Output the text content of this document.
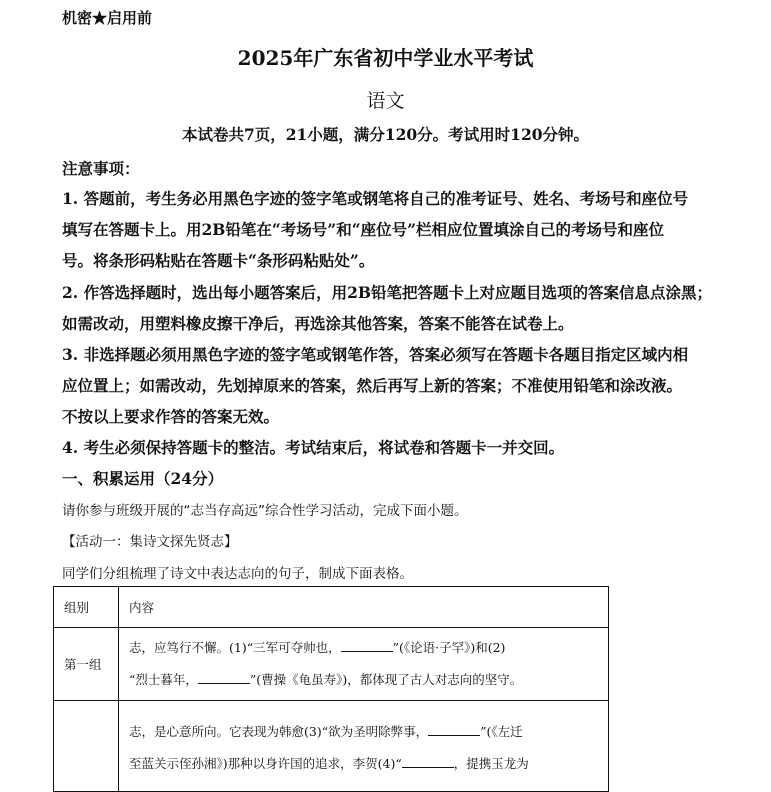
机密★启用前
2025年广东省初中学业水平考试
语文
本试卷共7页，21小题，满分120分。考试用时120分钟。
注意事项：
1. 答题前，考生务必用黑色字迹的签字笔或钢笔将自己的准考证号、姓名、考场号和座位号
填写在答题卡上。用2B铅笔在“考场号”和“座位号”栏相应位置填涂自己的考场号和座位
号。将条形码粘贴在答题卡“条形码粘贴处”。
2. 作答选择题时，选出每小题答案后，用2B铅笔把答题卡上对应题目选项的答案信息点涂黑；
如需改动，用塑料橡皮擦干净后，再选涂其他答案，答案不能答在试卷上。
3. 非选择题必须用黑色字迹的签字笔或钢笔作答，答案必须写在答题卡各题目指定区域内相
应位置上；如需改动，先划掉原来的答案，然后再写上新的答案；不准使用铅笔和涂改液。
不按以上要求作答的答案无效。
4. 考生必须保持答题卡的整洁。考试结束后，将试卷和答题卡一并交回。
一、积累运用（24分）
请你参与班级开展的“志当存高远”综合性学习活动，完成下面小题。
【活动一：集诗文探先贤志】
同学们分组梳理了诗文中表达志向的句子，制成下面表格。
组别	内容
第一组	志，应笃行不懈。(1)“三军可夺帅也， ”(《论语·子罕》)和(2)
“烈士暮年， ”(曹操《龟虽寿》)，都体现了古人对志向的坚守。

	志，是心意所向。它表现为韩愈(3)“欲为圣明除弊事， ”(《左迁
至蓝关示侄孙湘》)那种以身许国的追求，李贺(4)“ ，提携玉龙为
